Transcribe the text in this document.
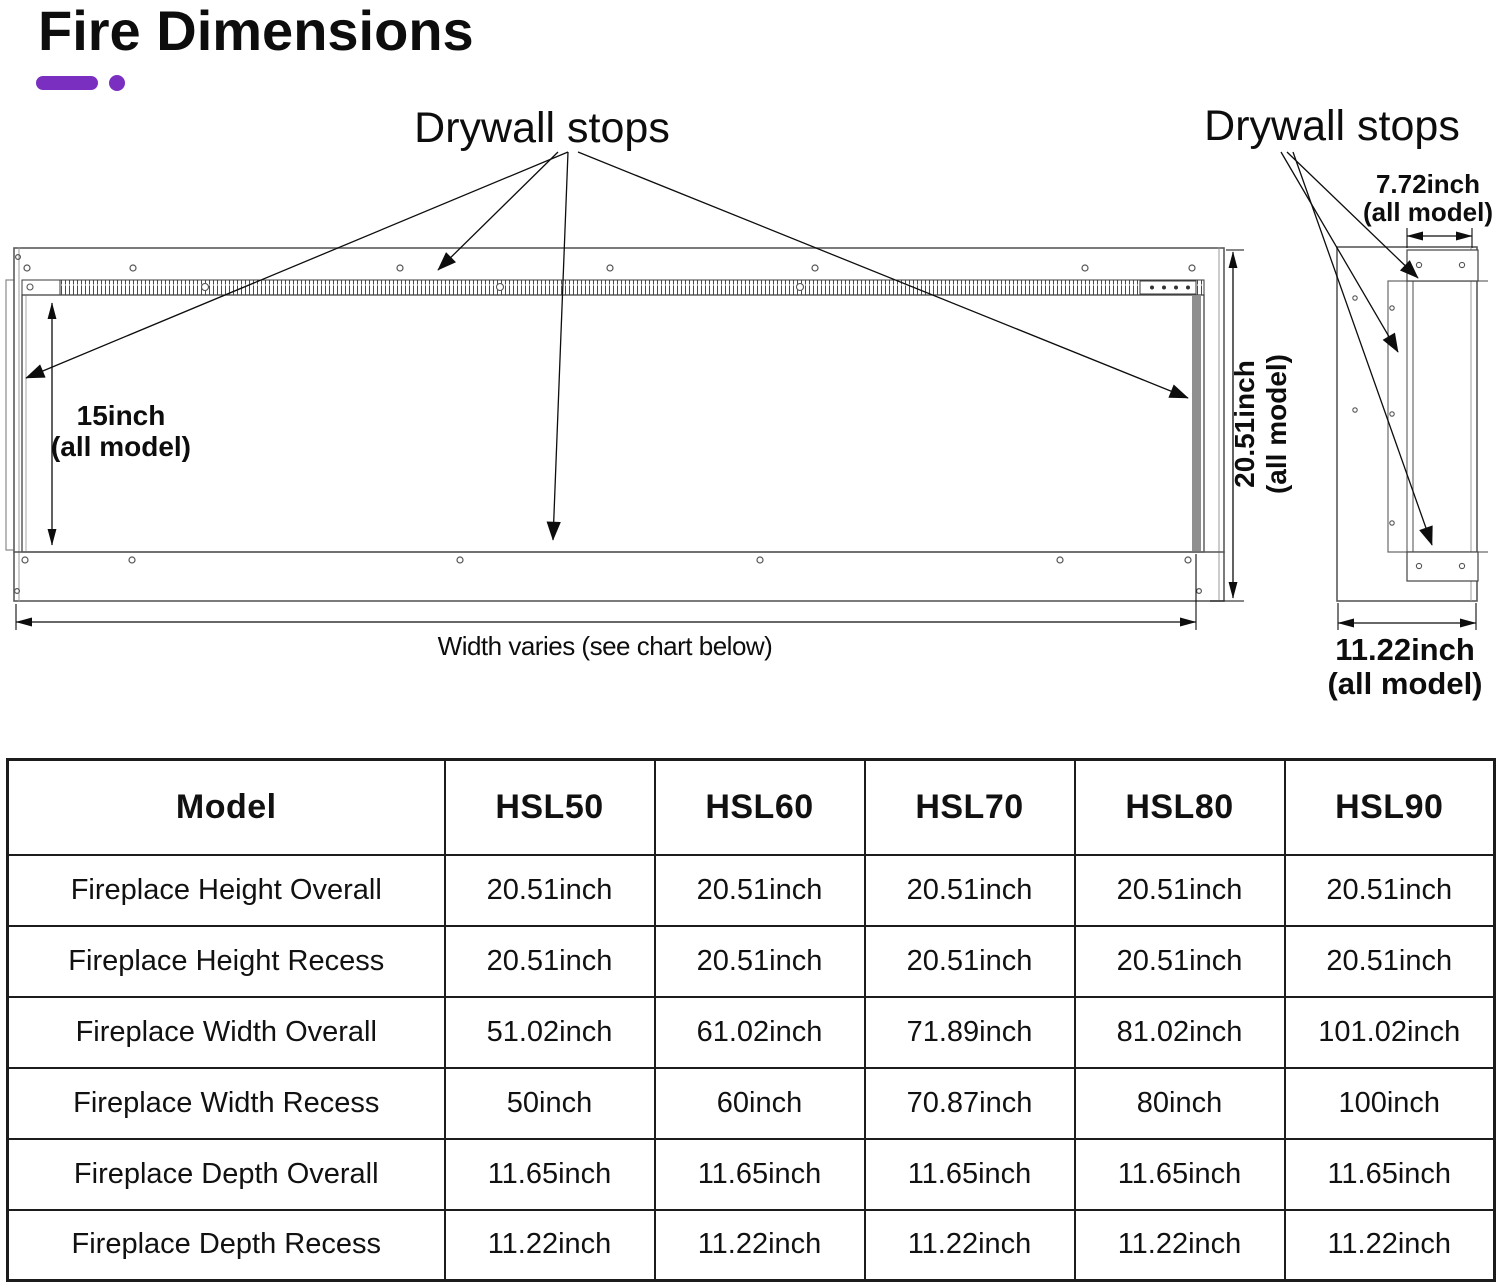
Fire Dimensions
Drywall stops
15inch
(all model)	20.51inch (all model)
Width varies (see chart below)
Drywall stops
7.72inch
(all model)
11.22inch
(all model)
Model	HSL50	HSL60	HSL70	HSL80	HSL90
Fireplace Height Overall	20.51inch	20.51inch	20.51inch	20.51inch	20.51inch
Fireplace Height Recess	20.51inch	20.51inch	20.51inch	20.51inch	20.51inch
Fireplace Width Overall	51.02inch	61.02inch	71.89inch	81.02inch	101.02inch
Fireplace Width Recess	50inch	60inch	70.87inch	80inch	100inch
Fireplace Depth Overall	11.65inch	11.65inch	11.65inch	11.65inch	11.65inch
Fireplace Depth Recess	11.22inch	11.22inch	11.22inch	11.22inch	11.22inch
